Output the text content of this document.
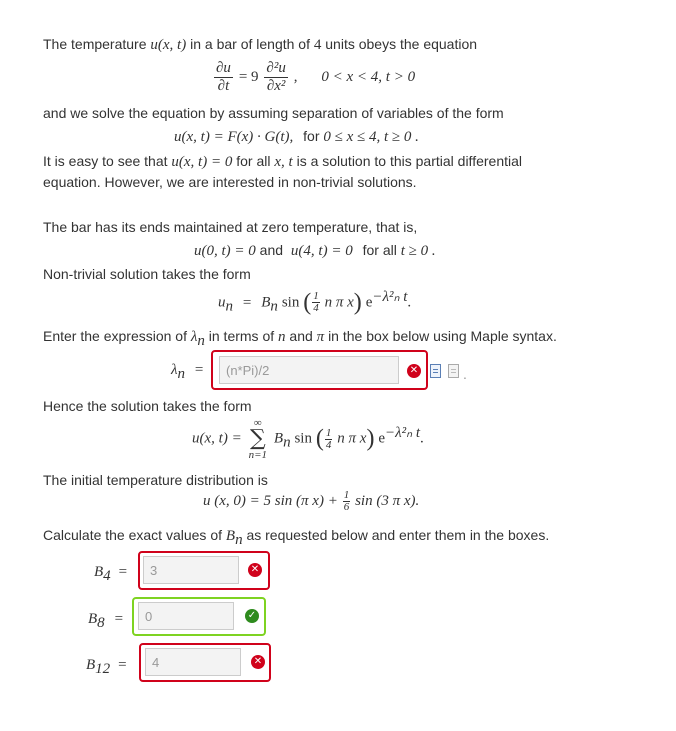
The temperature u(x, t) in a bar of length of 4 units obeys the equation
$\frac{\partial u}{\partial t} = 9 \frac{\text{∂²u}}{\text{∂x²}}$ , 0 < x < 4, t > 0
and we solve the equation by assuming separation of variables of the form
u(x, t) = F(x) · G(t), for 0 ≤ x ≤ 4, t ≥ 0 .
It is easy to see that u(x, t) = 0 for all x, t is a solution to this partial differential
equation. However, we are interested in non-trivial solutions.
The bar has its ends maintained at zero temperature, that is,
u(0, t) = 0 and u(4, t) = 0 for all t ≥ 0 .
Non-trivial solution takes the form
$u_n = B_n$ sin ( $\frac{1}{4}$ n π x) $e^{-\lambda^2_n t}$.
Enter the expression of $\lambda_n$ in terms of n and π in the box below using Maple syntax.
$\lambda_n$ =
(n*Pi)/2	✕	.
Hence the solution takes the form
u(x, t) =
∞
∑
n=1
$B_n$ sin ( $\frac{1}{4}$ n π x) $e^{-\lambda^2_n t}$.
The initial temperature distribution is
u (x, 0) = 5 sin (π $x) + \frac{1}{6}$ sin (3 π x).
Calculate the exact values of $B_n$ as requested below and enter them in the boxes.
$B_4$ =
3	✕
$B_8$ =
0	✓
$B_{12}$ =
4	✕
